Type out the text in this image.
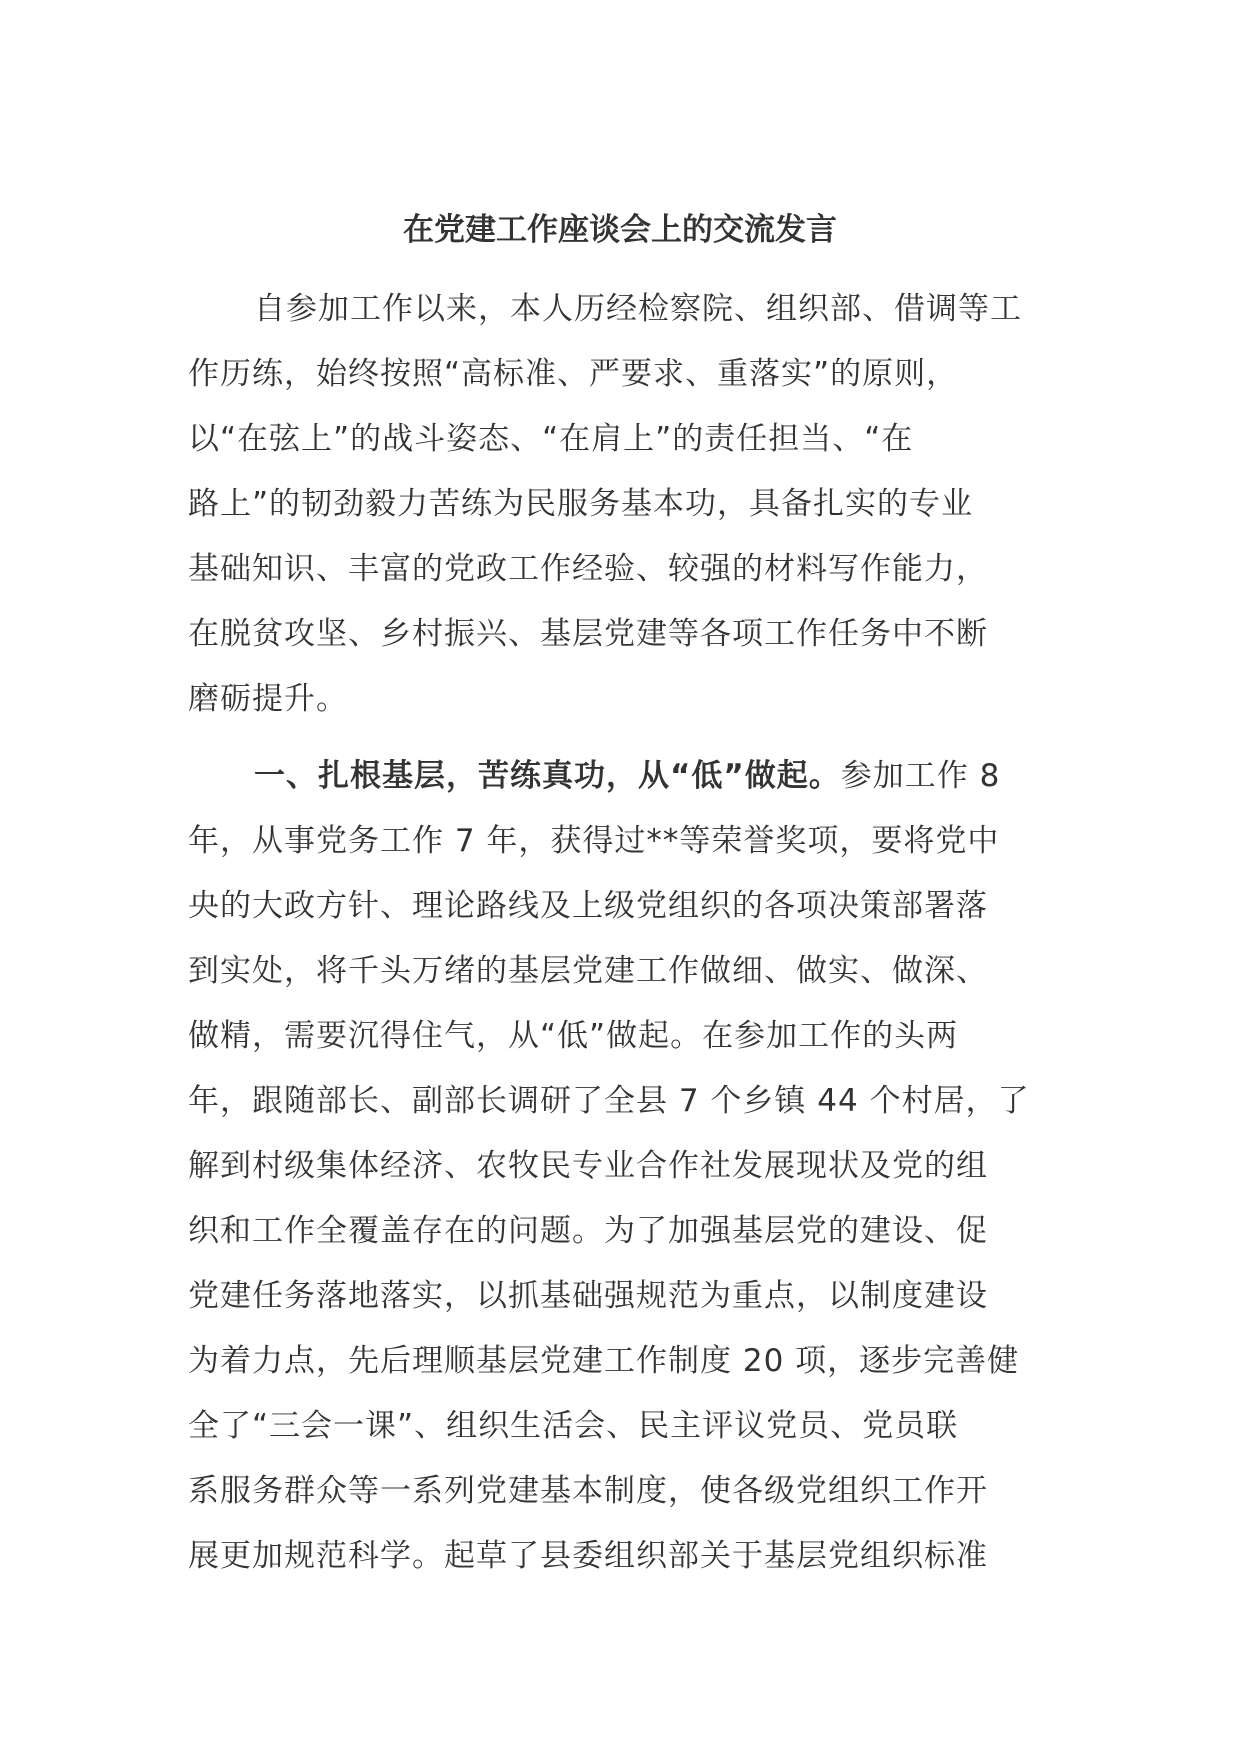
在党建工作座谈会上的交流发言
自参加工作以来，本人历经检察院、组织部、借调等工
作历练，始终按照“高标准、严要求、重落实”的原则，
以“在弦上”的战斗姿态、“在肩上”的责任担当、“在
路上”的韧劲毅力苦练为民服务基本功，具备扎实的专业
基础知识、丰富的党政工作经验、较强的材料写作能力，
在脱贫攻坚、乡村振兴、基层党建等各项工作任务中不断
磨砺提升。
一、扎根基层，苦练真功，从“低”做起。参加工作 8
年，从事党务工作 7 年，获得过**等荣誉奖项，要将党中
央的大政方针、理论路线及上级党组织的各项决策部署落
到实处，将千头万绪的基层党建工作做细、做实、做深、
做精，需要沉得住气，从“低”做起。在参加工作的头两
年，跟随部长、副部长调研了全县 7 个乡镇 44 个村居，了
解到村级集体经济、农牧民专业合作社发展现状及党的组
织和工作全覆盖存在的问题。为了加强基层党的建设、促
党建任务落地落实，以抓基础强规范为重点，以制度建设
为着力点，先后理顺基层党建工作制度 20 项，逐步完善健
全了“三会一课”、组织生活会、民主评议党员、党员联
系服务群众等一系列党建基本制度，使各级党组织工作开
展更加规范科学。起草了县委组织部关于基层党组织标准
